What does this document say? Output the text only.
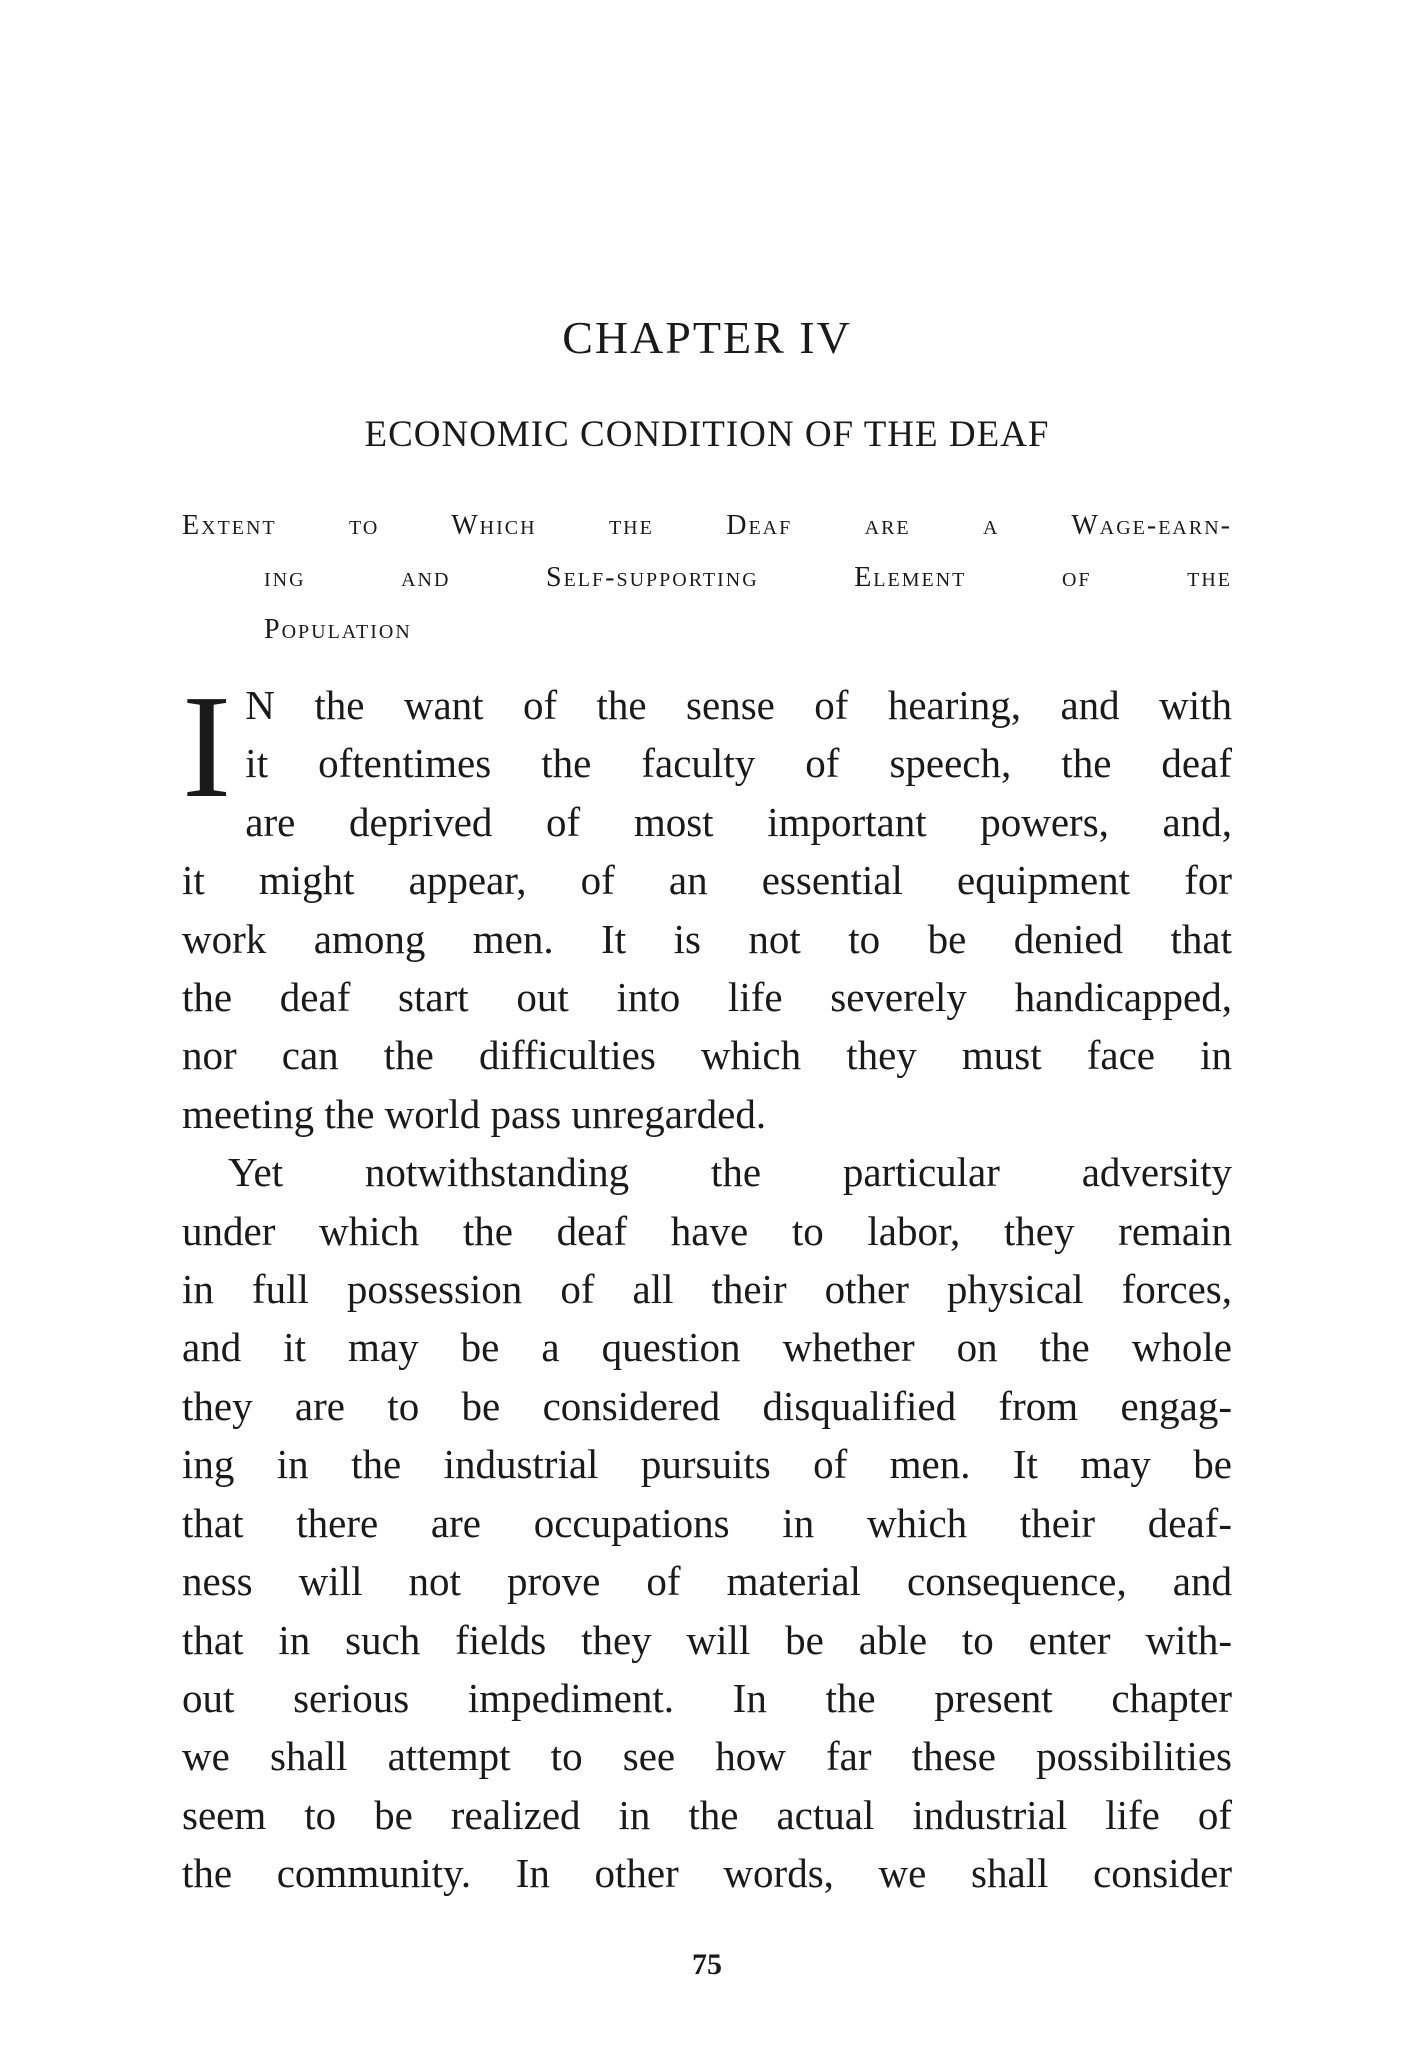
CHAPTER IV
ECONOMIC CONDITION OF THE DEAF
Extent to Which the Deaf are a Wage-earn-
ing and Self-supporting Element of the
Population

I N the want of the sense of hearing, and with
it oftentimes the faculty of speech, the deaf
are deprived of most important powers, and,
it might appear, of an essential equipment for
work among men. It is not to be denied that
the deaf start out into life severely handicapped,
nor can the difficulties which they must face in
meeting the world pass unregarded.

Yet notwithstanding the particular adversity
under which the deaf have to labor, they remain
in full possession of all their other physical forces,
and it may be a question whether on the whole
they are to be considered disqualified from engag-
ing in the industrial pursuits of men. It may be
that there are occupations in which their deaf-
ness will not prove of material consequence, and
that in such fields they will be able to enter with-
out serious impediment. In the present chapter
we shall attempt to see how far these possibilities
seem to be realized in the actual industrial life of
the community. In other words, we shall consider

75
